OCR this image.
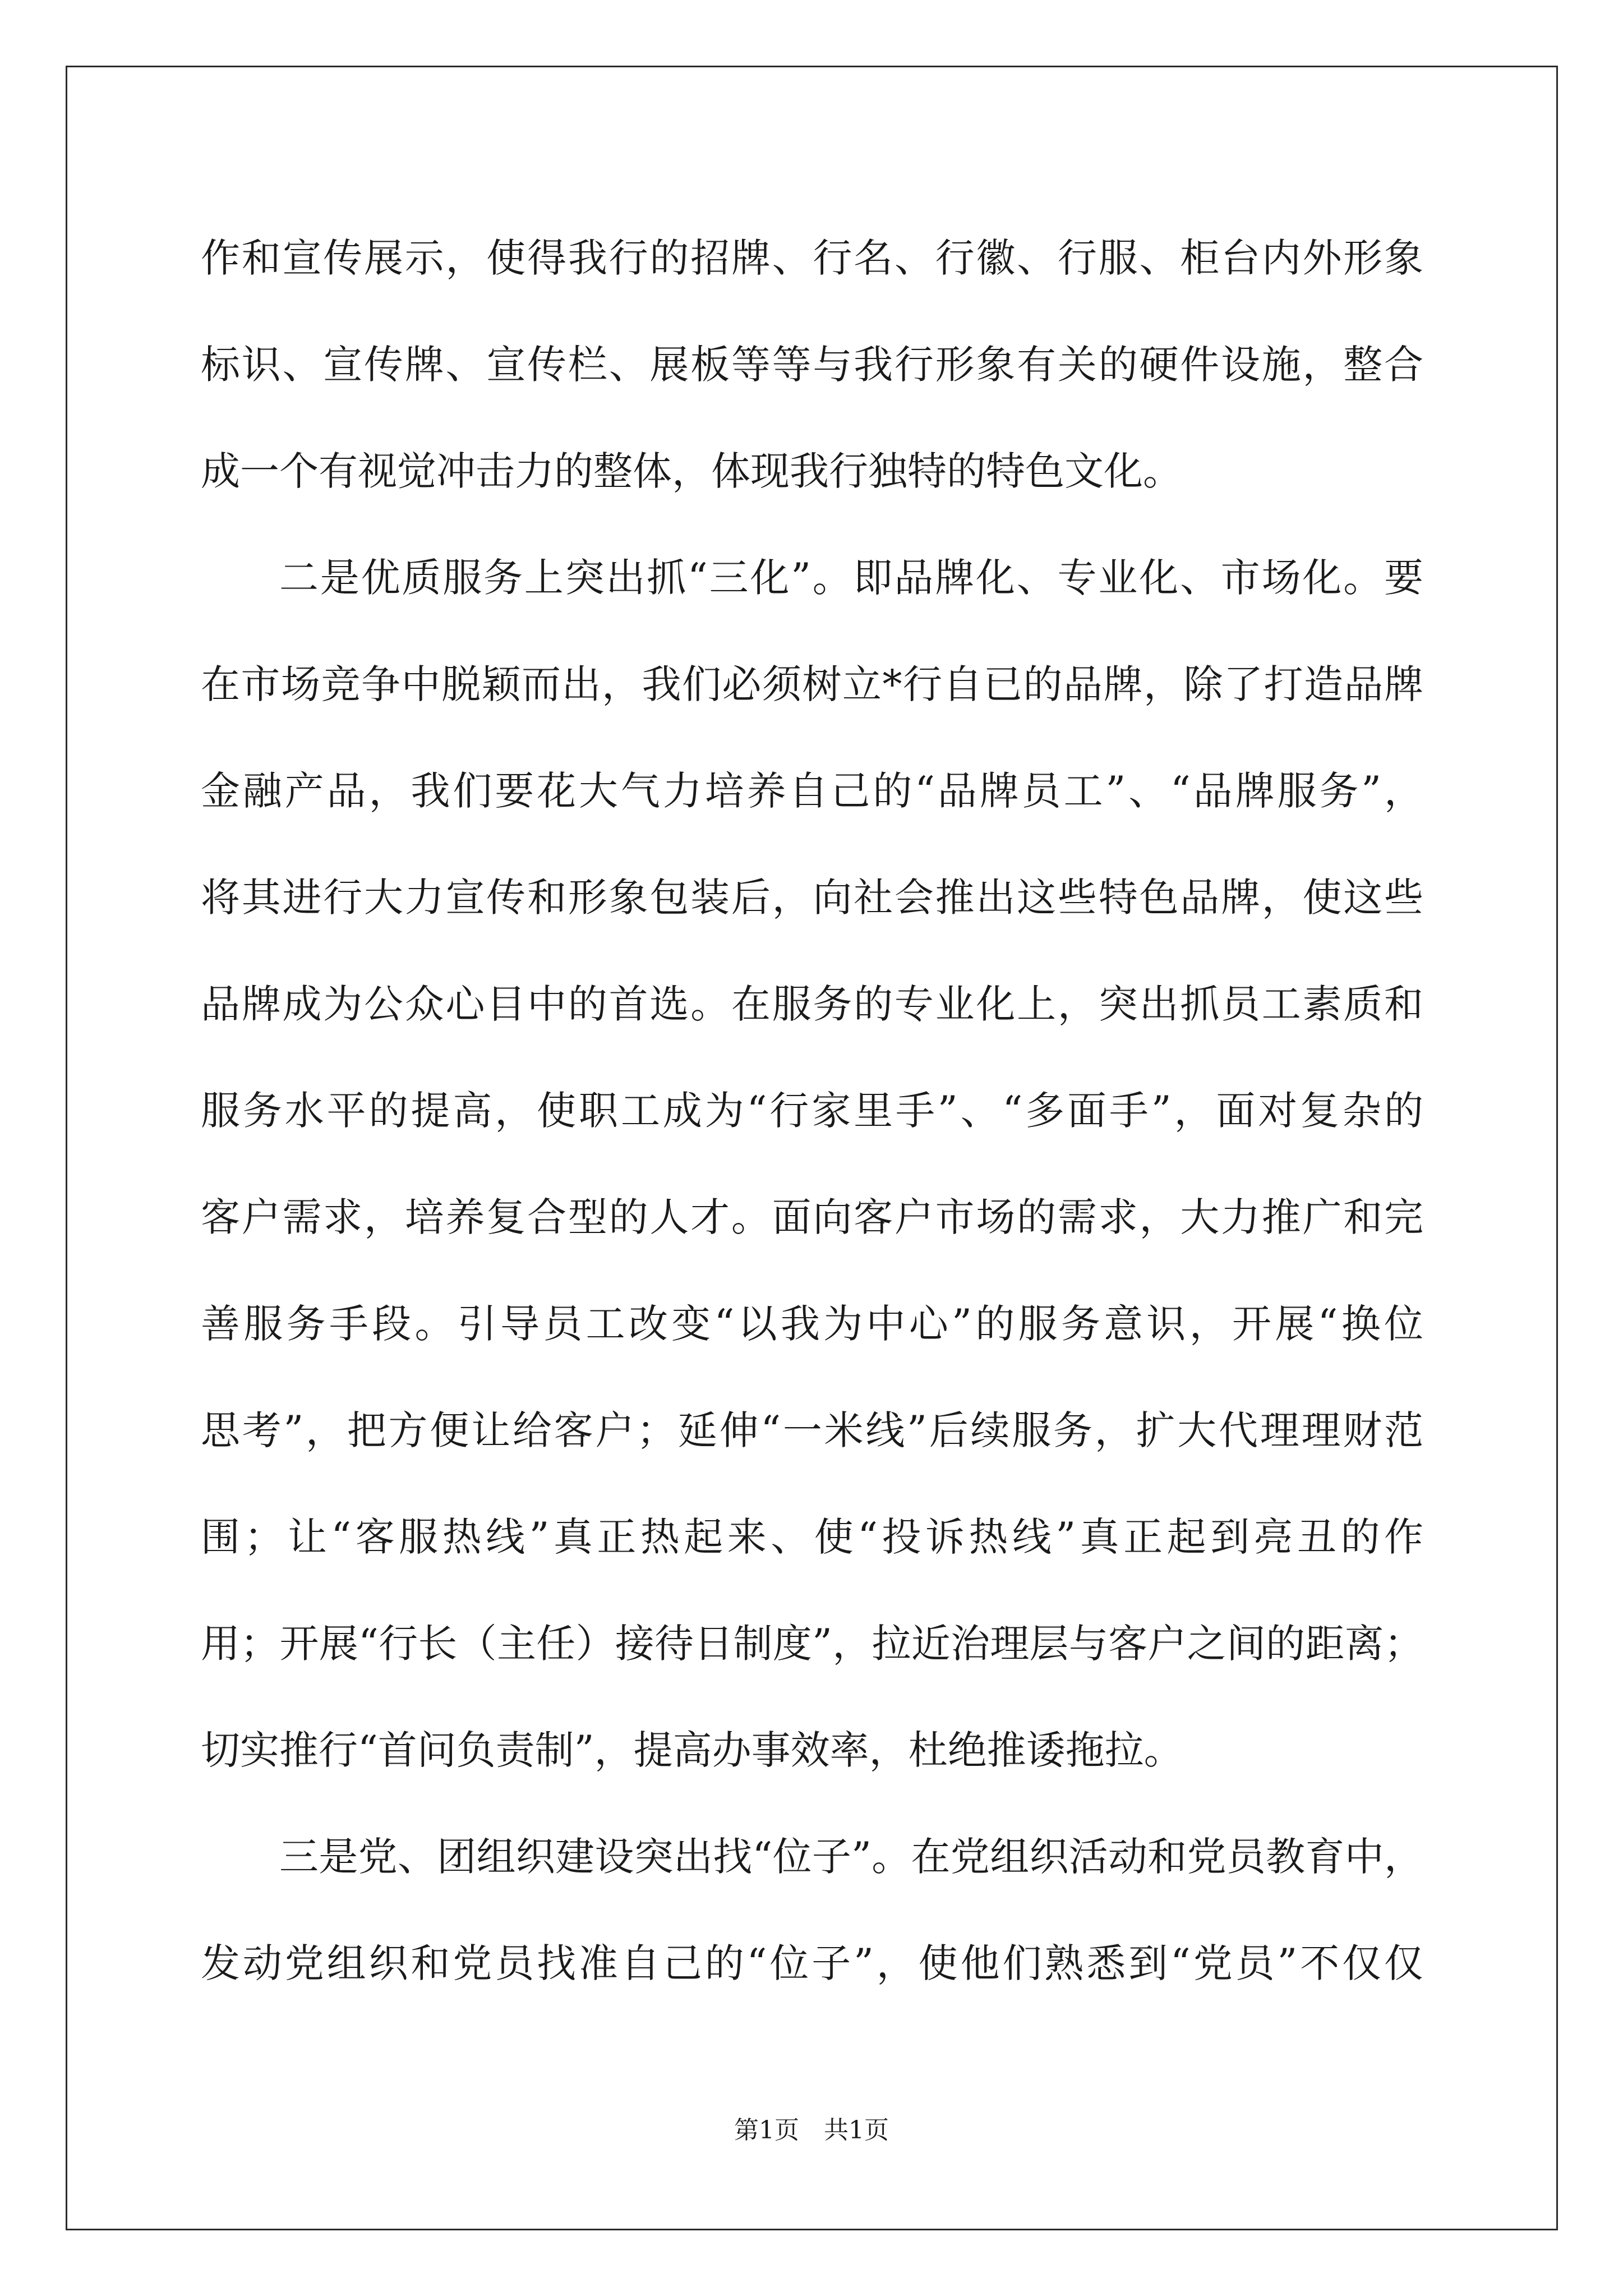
作和宣传展示，使得我行的招牌、行名、行徽、行服、柜台内外形象
标识、宣传牌、宣传栏、展板等等与我行形象有关的硬件设施，整合
成一个有视觉冲击力的整体，体现我行独特的特色文化。
二是优质服务上突出抓“三化”。即品牌化、专业化、市场化。要
在市场竞争中脱颖而出，我们必须树立*行自已的品牌，除了打造品牌
金融产品，我们要花大气力培养自己的“品牌员工”、“品牌服务”，
将其进行大力宣传和形象包装后，向社会推出这些特色品牌，使这些
品牌成为公众心目中的首选。在服务的专业化上，突出抓员工素质和
服务水平的提高，使职工成为“行家里手”、“多面手”，面对复杂的
客户需求，培养复合型的人才。面向客户市场的需求，大力推广和完
善服务手段。引导员工改变“以我为中心”的服务意识，开展“换位
思考”，把方便让给客户；延伸“一米线”后续服务，扩大代理理财范
围；让“客服热线”真正热起来、使“投诉热线”真正起到亮丑的作
用；开展“行长（主任）接待日制度”，拉近治理层与客户之间的距离；
切实推行“首问负责制”，提高办事效率，杜绝推诿拖拉。
三是党、团组织建设突出找“位子”。在党组织活动和党员教育中，
发动党组织和党员找准自己的“位子”，使他们熟悉到“党员”不仅仅
第1页　共1页
